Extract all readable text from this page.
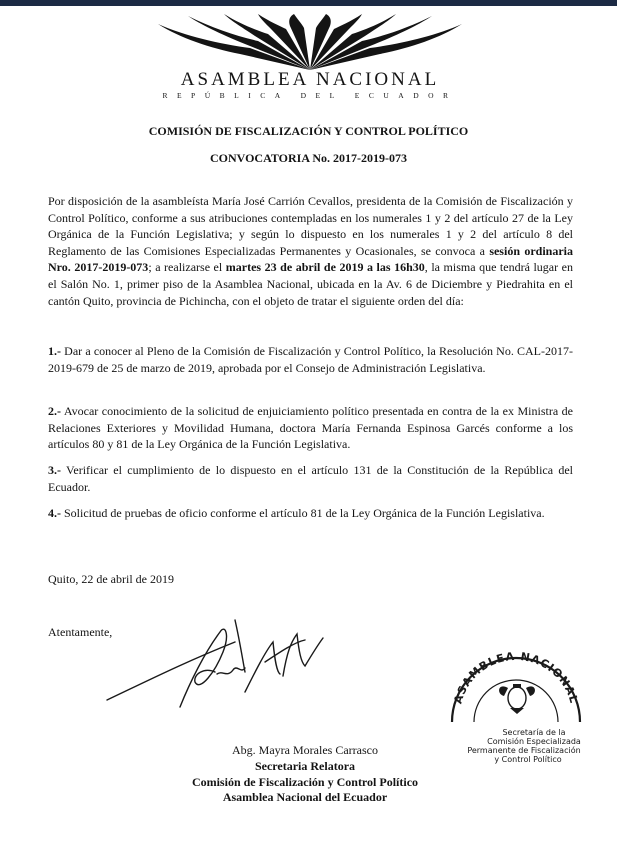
ASAMBLEA NACIONAL
REPÚBLICA DEL ECUADOR
COMISIÓN DE FISCALIZACIÓN Y CONTROL POLÍTICO
CONVOCATORIA No. 2017-2019-073

Por disposición de la asambleísta María José Carrión Cevallos, presidenta de la Comisión de Fiscalización y Control Político, conforme a sus atribuciones contempladas en los numerales 1 y 2 del artículo 27 de la Ley Orgánica de la Función Legislativa; y según lo dispuesto en los numerales 1 y 2 del artículo 8 del Reglamento de las Comisiones Especializadas Permanentes y Ocasionales, se convoca a sesión ordinaria Nro. 2017-2019-073; a realizarse el martes 23 de abril de 2019 a las 16h30, la misma que tendrá lugar en el Salón No. 1, primer piso de la Asamblea Nacional, ubicada en la Av. 6 de Diciembre y Piedrahita en el cantón Quito, provincia de Pichincha, con el objeto de tratar el siguiente orden del día:

1.- Dar a conocer al Pleno de la Comisión de Fiscalización y Control Político, la Resolución No. CAL-2017-2019-679 de 25 de marzo de 2019, aprobada por el Consejo de Administración Legislativa.

2.- Avocar conocimiento de la solicitud de enjuiciamiento político presentada en contra de la ex Ministra de Relaciones Exteriores y Movilidad Humana, doctora María Fernanda Espinosa Garcés conforme a los artículos 80 y 81 de la Ley Orgánica de la Función Legislativa.

3.- Verificar el cumplimiento de lo dispuesto en el artículo 131 de la Constitución de la República del Ecuador.

4.- Solicitud de pruebas de oficio conforme el artículo 81 de la Ley Orgánica de la Función Legislativa.

Quito, 22 de abril de 2019
Atentamente,
ASAMBLEA NACIONAL
Secretaría de la
Comisión Especializada
Permanente de Fiscalización
y Control Político
Abg. Mayra Morales Carrasco
Secretaria Relatora
Comisión de Fiscalización y Control Político
Asamblea Nacional del Ecuador
